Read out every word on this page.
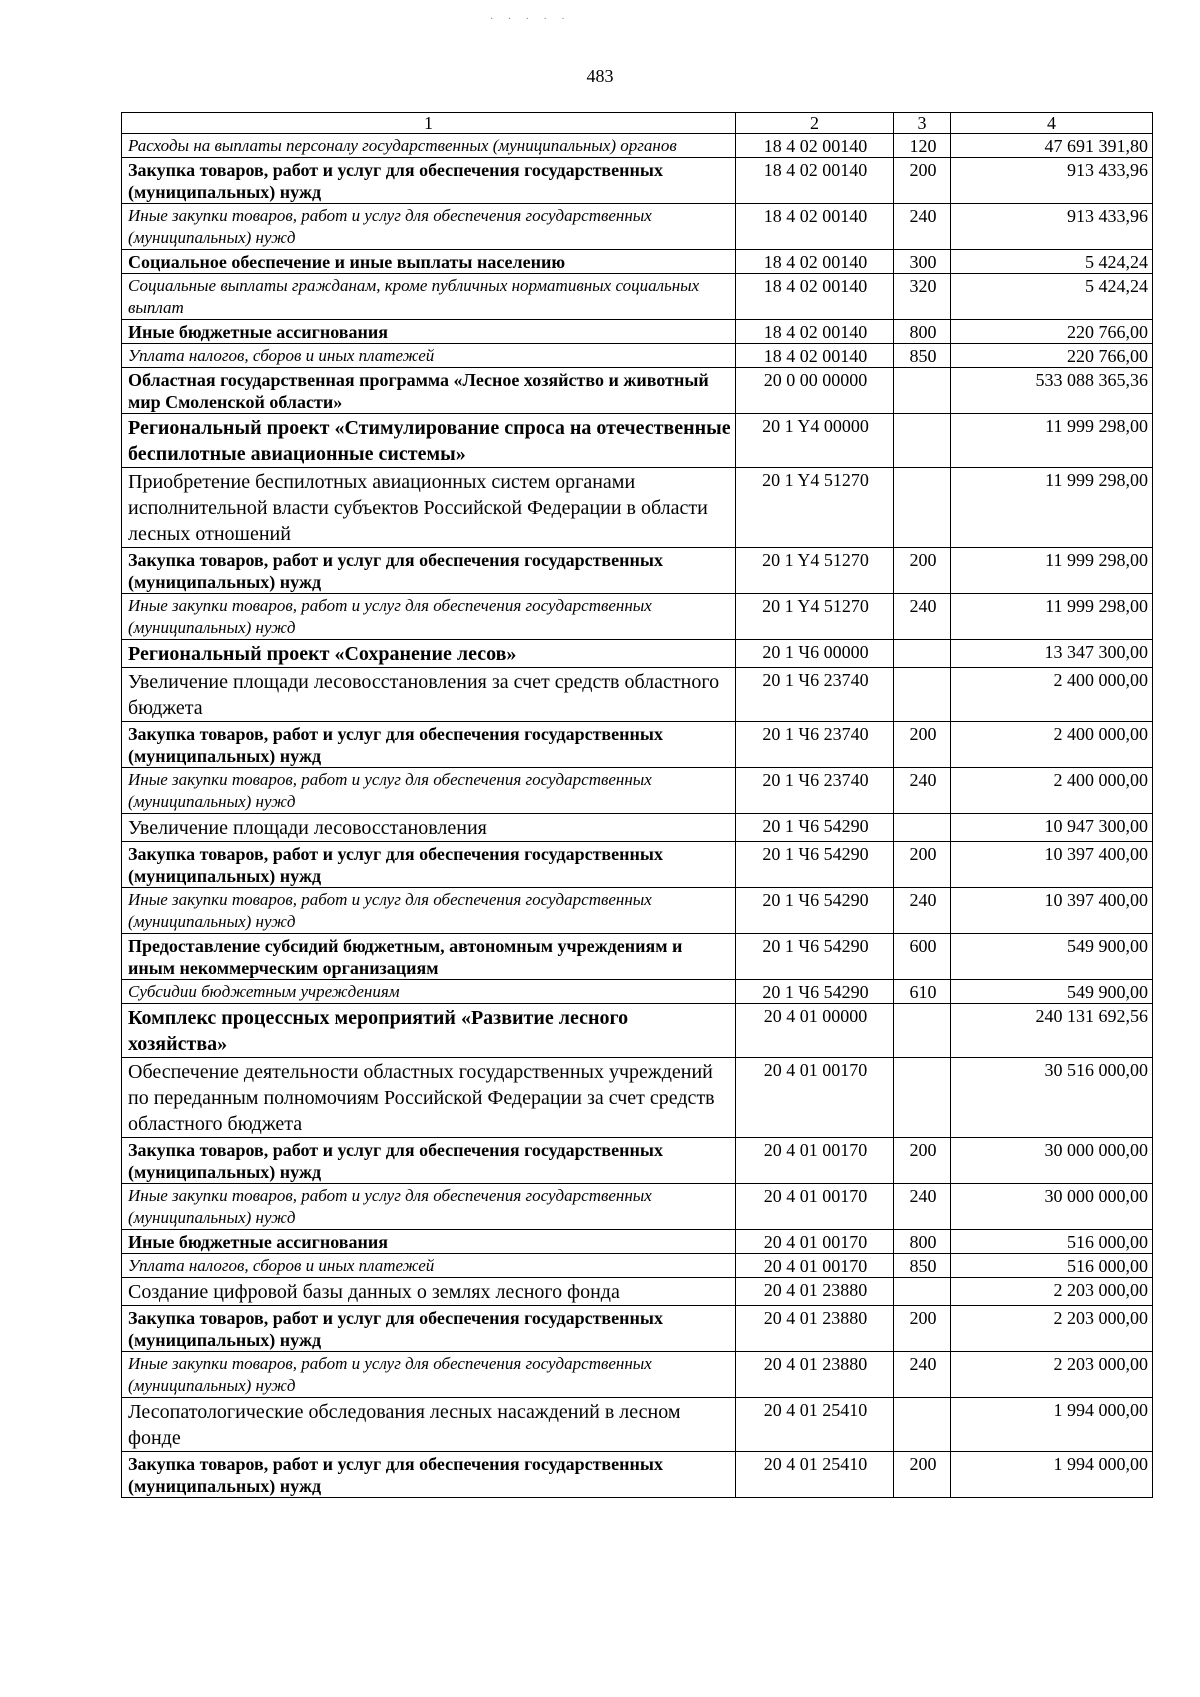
· · · · ·
483
1	2	3	4
Расходы на выплаты персоналу государственных (муниципальных) органов	18 4 02 00140	120	47 691 391,80
Закупка товаров, работ и услуг для обеспечения государственных (муниципальных) нужд	18 4 02 00140	200	913 433,96
Иные закупки товаров, работ и услуг для обеспечения государственных (муниципальных) нужд	18 4 02 00140	240	913 433,96
Социальное обеспечение и иные выплаты населению	18 4 02 00140	300	5 424,24
Социальные выплаты гражданам, кроме публичных нормативных социальных выплат	18 4 02 00140	320	5 424,24
Иные бюджетные ассигнования	18 4 02 00140	800	220 766,00
Уплата налогов, сборов и иных платежей	18 4 02 00140	850	220 766,00
Областная государственная программа «Лесное хозяйство и животный мир Смоленской области»	20 0 00 00000		533 088 365,36
Региональный проект «Стимулирование спроса на отечественные беспилотные авиационные системы»	20 1 Y4 00000		11 999 298,00
Приобретение беспилотных авиационных систем органами исполнительной власти субъектов Российской Федерации в области лесных отношений	20 1 Y4 51270		11 999 298,00
Закупка товаров, работ и услуг для обеспечения государственных (муниципальных) нужд	20 1 Y4 51270	200	11 999 298,00
Иные закупки товаров, работ и услуг для обеспечения государственных (муниципальных) нужд	20 1 Y4 51270	240	11 999 298,00
Региональный проект «Сохранение лесов»	20 1 Ч6 00000		13 347 300,00
Увеличение площади лесовосстановления за счет средств областного бюджета	20 1 Ч6 23740		2 400 000,00
Закупка товаров, работ и услуг для обеспечения государственных (муниципальных) нужд	20 1 Ч6 23740	200	2 400 000,00
Иные закупки товаров, работ и услуг для обеспечения государственных (муниципальных) нужд	20 1 Ч6 23740	240	2 400 000,00
Увеличение площади лесовосстановления	20 1 Ч6 54290		10 947 300,00
Закупка товаров, работ и услуг для обеспечения государственных (муниципальных) нужд	20 1 Ч6 54290	200	10 397 400,00
Иные закупки товаров, работ и услуг для обеспечения государственных (муниципальных) нужд	20 1 Ч6 54290	240	10 397 400,00
Предоставление субсидий бюджетным, автономным учреждениям и иным некоммерческим организациям	20 1 Ч6 54290	600	549 900,00
Субсидии бюджетным учреждениям	20 1 Ч6 54290	610	549 900,00
Комплекс процессных мероприятий «Развитие лесного хозяйства»	20 4 01 00000		240 131 692,56
Обеспечение деятельности областных государственных учреждений по переданным полномочиям Российской Федерации за счет средств областного бюджета	20 4 01 00170		30 516 000,00
Закупка товаров, работ и услуг для обеспечения государственных (муниципальных) нужд	20 4 01 00170	200	30 000 000,00
Иные закупки товаров, работ и услуг для обеспечения государственных (муниципальных) нужд	20 4 01 00170	240	30 000 000,00
Иные бюджетные ассигнования	20 4 01 00170	800	516 000,00
Уплата налогов, сборов и иных платежей	20 4 01 00170	850	516 000,00
Создание цифровой базы данных о землях лесного фонда	20 4 01 23880		2 203 000,00
Закупка товаров, работ и услуг для обеспечения государственных (муниципальных) нужд	20 4 01 23880	200	2 203 000,00
Иные закупки товаров, работ и услуг для обеспечения государственных (муниципальных) нужд	20 4 01 23880	240	2 203 000,00
Лесопатологические обследования лесных насаждений в лесном фонде	20 4 01 25410		1 994 000,00
Закупка товаров, работ и услуг для обеспечения государственных (муниципальных) нужд	20 4 01 25410	200	1 994 000,00
